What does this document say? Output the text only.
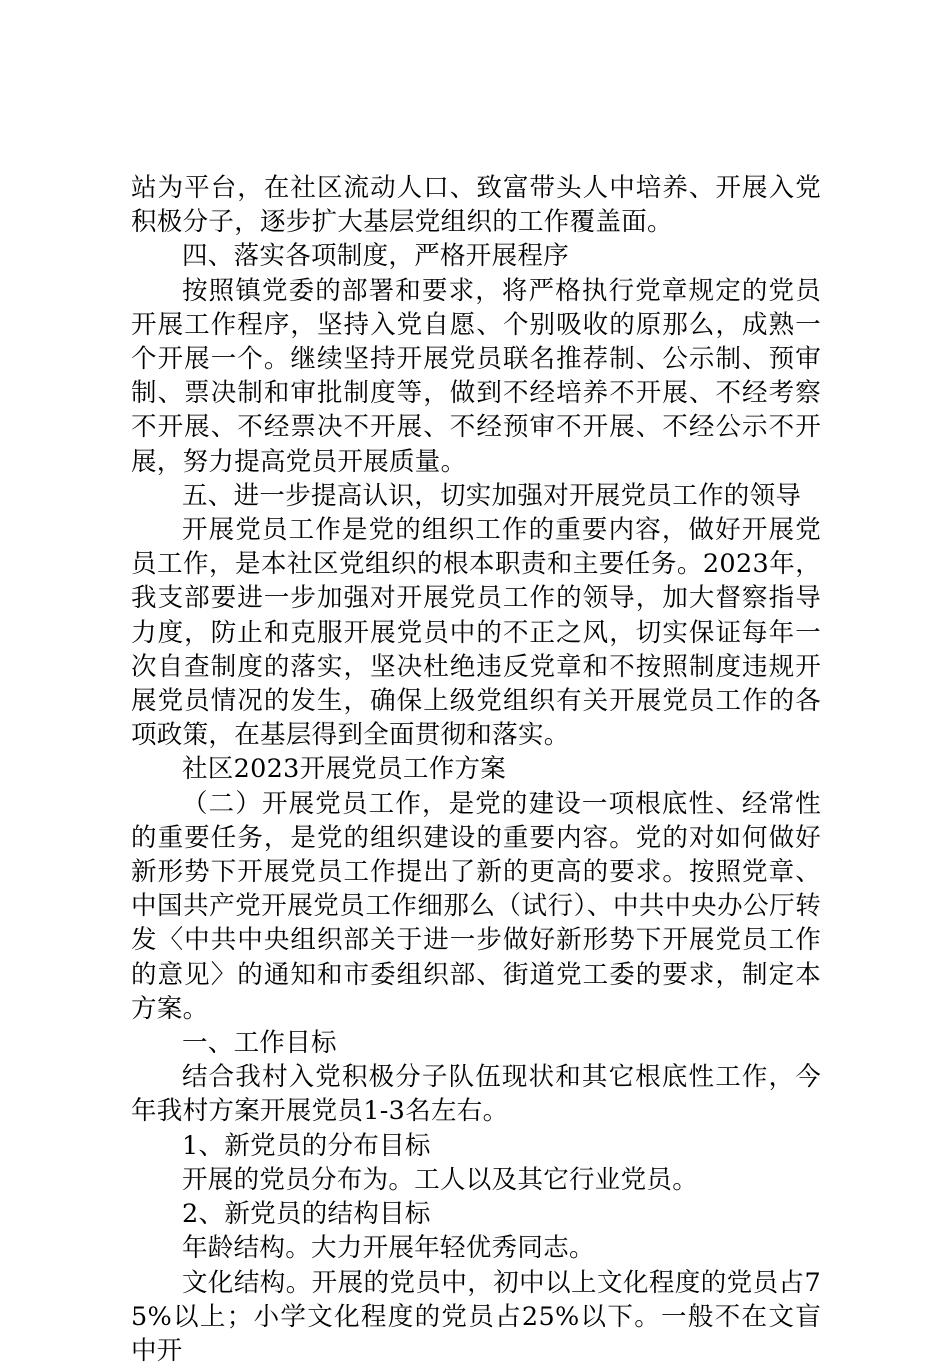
站为平台，在社区流动人口、致富带头人中培养、开展入党积极分子，逐步扩大基层党组织的工作覆盖面。

四、落实各项制度，严格开展程序

按照镇党委的部署和要求，将严格执行党章规定的党员开展工作程序，坚持入党自愿、个别吸收的原那么，成熟一个开展一个。继续坚持开展党员联名推荐制、公示制、预审制、票决制和审批制度等，做到不经培养不开展、不经考察不开展、不经票决不开展、不经预审不开展、不经公示不开展，努力提高党员开展质量。

五、进一步提高认识，切实加强对开展党员工作的领导

开展党员工作是党的组织工作的重要内容，做好开展党员工作，是本社区党组织的根本职责和主要任务。2023年，我支部要进一步加强对开展党员工作的领导，加大督察指导力度，防止和克服开展党员中的不正之风，切实保证每年一次自查制度的落实，坚决杜绝违反党章和不按照制度违规开展党员情况的发生，确保上级党组织有关开展党员工作的各项政策，在基层得到全面贯彻和落实。

社区2023开展党员工作方案

（二）开展党员工作，是党的建设一项根底性、经常性的重要任务，是党的组织建设的重要内容。党的对如何做好新形势下开展党员工作提出了新的更高的要求。按照党章、中国共产党开展党员工作细那么（试行）、中共中央办公厅转发〈中共中央组织部关于进一步做好新形势下开展党员工作的意见〉的通知和市委组织部、街道党工委的要求，制定本方案。

一、工作目标

结合我村入党积极分子队伍现状和其它根底性工作，今年我村方案开展党员1-3名左右。

1、新党员的分布目标

开展的党员分布为。工人以及其它行业党员。

2、新党员的结构目标

年龄结构。大力开展年轻优秀同志。

文化结构。开展的党员中，初中以上文化程度的党员占75%以上；小学文化程度的党员占25%以下。一般不在文盲中开
